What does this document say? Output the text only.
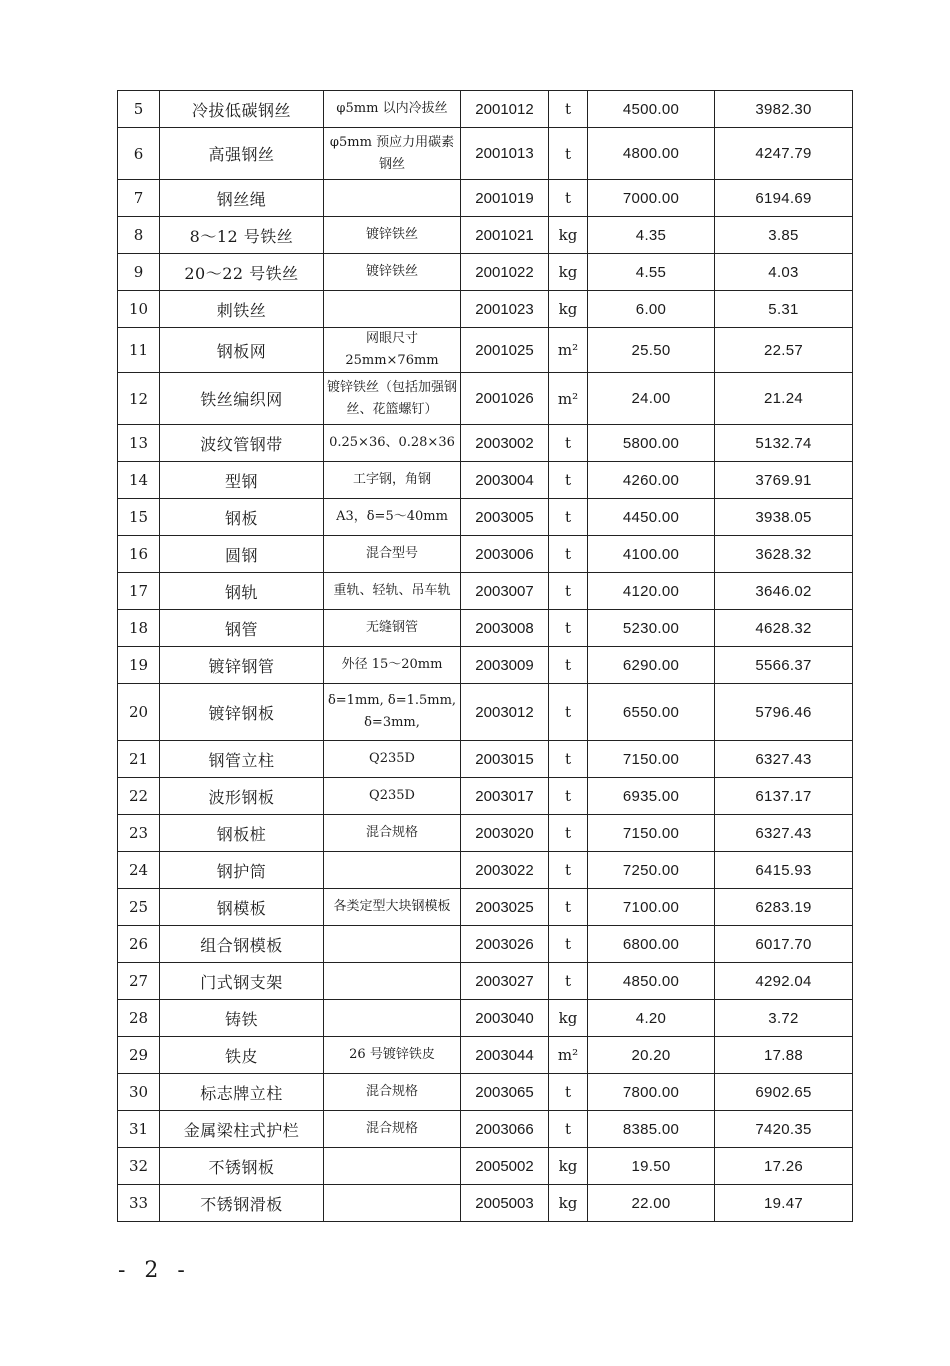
5	冷拔低碳钢丝	φ5mm 以内冷拔丝	2001012	t	4500.00	3982.30
6	高强钢丝	φ5mm 预应力用碳素钢丝	2001013	t	4800.00	4247.79
7	钢丝绳		2001019	t	7000.00	6194.69
8	8～12 号铁丝	镀锌铁丝	2001021	kg	4.35	3.85
9	20～22 号铁丝	镀锌铁丝	2001022	kg	4.55	4.03
10	刺铁丝		2001023	kg	6.00	5.31
11	钢板网	网眼尺寸 25mm×76mm	2001025	m²	25.50	22.57
12	铁丝编织网	镀锌铁丝（包括加强钢丝、花篮螺钉）	2001026	m²	24.00	21.24
13	波纹管钢带	0.25×36、0.28×36	2003002	t	5800.00	5132.74
14	型钢	工字钢，角钢	2003004	t	4260.00	3769.91
15	钢板	A3，δ=5～40mm	2003005	t	4450.00	3938.05
16	圆钢	混合型号	2003006	t	4100.00	3628.32
17	钢轨	重轨、轻轨、吊车轨	2003007	t	4120.00	3646.02
18	钢管	无缝钢管	2003008	t	5230.00	4628.32
19	镀锌钢管	外径 15～20mm	2003009	t	6290.00	5566.37
20	镀锌钢板	δ=1mm, δ=1.5mm, δ=3mm,	2003012	t	6550.00	5796.46
21	钢管立柱	Q235D	2003015	t	7150.00	6327.43
22	波形钢板	Q235D	2003017	t	6935.00	6137.17
23	钢板桩	混合规格	2003020	t	7150.00	6327.43
24	钢护筒		2003022	t	7250.00	6415.93
25	钢模板	各类定型大块钢模板	2003025	t	7100.00	6283.19
26	组合钢模板		2003026	t	6800.00	6017.70
27	门式钢支架		2003027	t	4850.00	4292.04
28	铸铁		2003040	kg	4.20	3.72
29	铁皮	26 号镀锌铁皮	2003044	m²	20.20	17.88
30	标志牌立柱	混合规格	2003065	t	7800.00	6902.65
31	金属梁柱式护栏	混合规格	2003066	t	8385.00	7420.35
32	不锈钢板		2005002	kg	19.50	17.26
33	不锈钢滑板		2005003	kg	22.00	19.47
- 2 -
